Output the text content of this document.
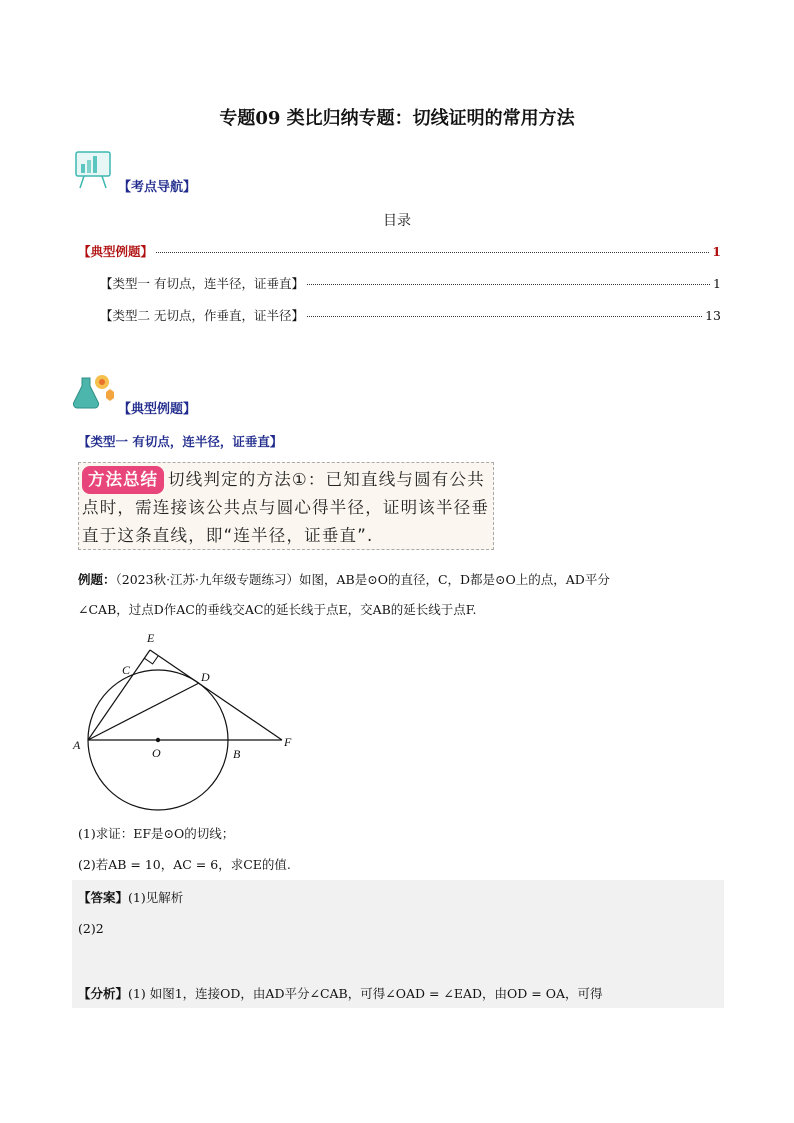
专题09 类比归纳专题：切线证明的常用方法
【考点导航】
目录
【典型例题】	1
【类型一 有切点，连半径，证垂直】	1
【类型二 无切点，作垂直，证半径】	13
【典型例题】
【类型一 有切点，连半径，证垂直】
方法总结 切线判定的方法①：已知直线与圆有公共点时，需连接该公共点与圆心得半径，证明该半径垂直于这条直线，即“连半径，证垂直”.
例题：（2023秋·江苏·九年级专题练习）如图，AB是⊙O的直径，C，D都是⊙O上的点，AD平分
∠CAB，过点D作AC的垂线交AC的延长线于点E，交AB的延长线于点F.
E
C	D
A
O	B
F
(1)求证：EF是⊙O的切线；
(2)若AB = 10，AC = 6，求CE的值.
【答案】(1)见解析
(2)2
【分析】(1) 如图1，连接OD，由AD平分∠CAB，可得∠OAD = ∠EAD，由OD = OA，可得
